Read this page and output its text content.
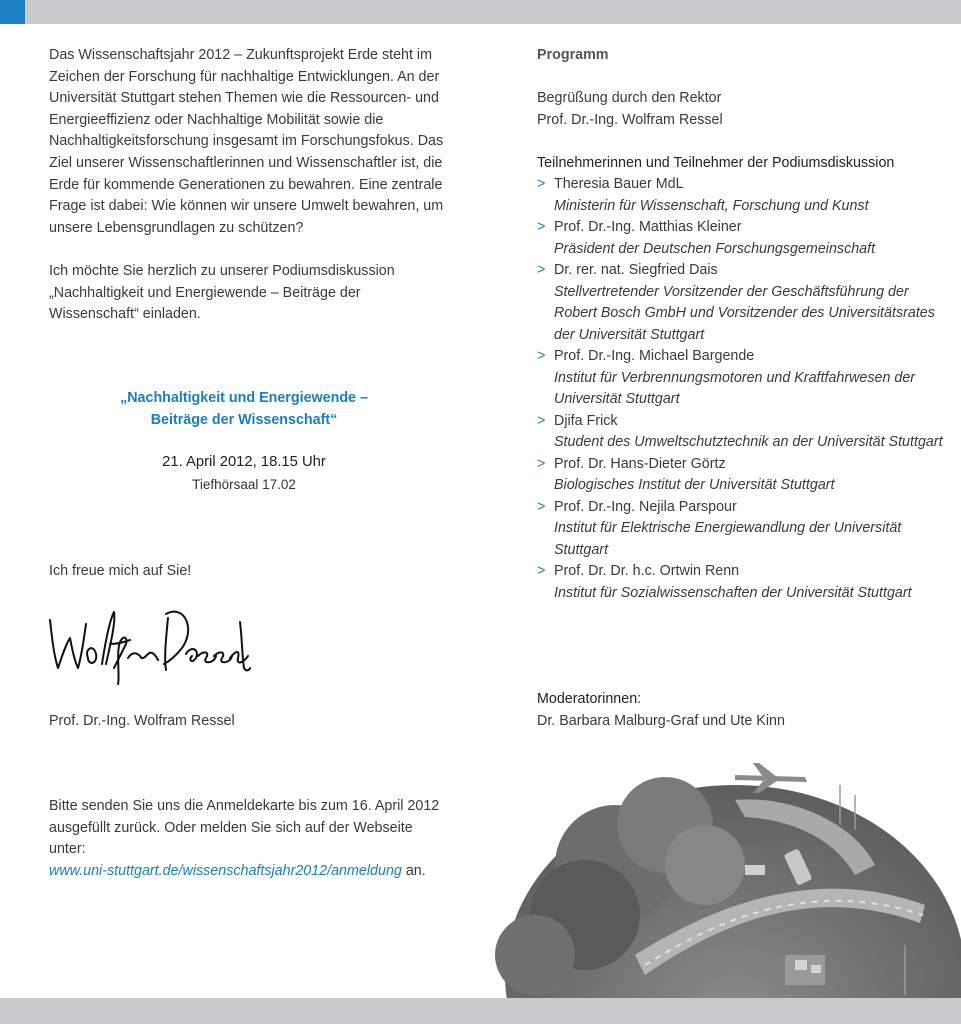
Das Wissenschaftsjahr 2012 – Zukunftsprojekt Erde steht im Zeichen der Forschung für nachhaltige Entwicklungen. An der Universität Stuttgart stehen Themen wie die Ressourcen- und Energieeffizienz oder Nachhaltige Mobilität sowie die Nachhaltigkeitsforschung insgesamt im Forschungsfokus. Das Ziel unserer Wissenschaftlerinnen und Wissenschaftler ist, die Erde für kommende Generationen zu bewahren. Eine zentrale Frage ist dabei: Wie können wir unsere Umwelt bewahren, um unsere Lebensgrundlagen zu schützen?

Ich möchte Sie herzlich zu unserer Podiumsdiskussion „Nachhaltigkeit und Energiewende – Beiträge der Wissenschaft“ einladen.

„Nachhaltigkeit und Energiewende –
Beiträge der Wissenschaft“
21. April 2012, 18.15 Uhr
Tiefhörsaal 17.02
Ich freue mich auf Sie!
Prof. Dr.-Ing. Wolfram Ressel
Bitte senden Sie uns die Anmeldekarte bis zum 16. April 2012 ausgefüllt zurück. Oder melden Sie sich auf der Webseite unter:
www.uni-stuttgart.de/wissenschaftsjahr2012/anmeldung an.

Programm

Begrüßung durch den Rektor

Prof. Dr.-Ing. Wolfram Ressel

Teilnehmerinnen und Teilnehmer der Podiumsdiskussion

> Theresia Bauer MdL
Ministerin für Wissenschaft, Forschung und Kunst
> Prof. Dr.-Ing. Matthias Kleiner
Präsident der Deutschen Forschungsgemeinschaft
> Dr. rer. nat. Siegfried Dais
Stellvertretender Vorsitzender der Geschäftsführung der Robert Bosch GmbH und Vorsitzender des Universitätsrates der Universität Stuttgart
> Prof. Dr.-Ing. Michael Bargende
Institut für Verbrennungsmotoren und Kraftfahrwesen der Universität Stuttgart
> Djifa Frick
Student des Umweltschutztechnik an der Universität Stuttgart
> Prof. Dr. Hans-Dieter Görtz
Biologisches Institut der Universität Stuttgart
> Prof. Dr.-Ing. Nejila Parspour
Institut für Elektrische Energiewandlung der Universität Stuttgart
> Prof. Dr. Dr. h.c. Ortwin Renn
Institut für Sozialwissenschaften der Universität Stuttgart
Moderatorinnen:
Dr. Barbara Malburg-Graf und Ute Kinn
